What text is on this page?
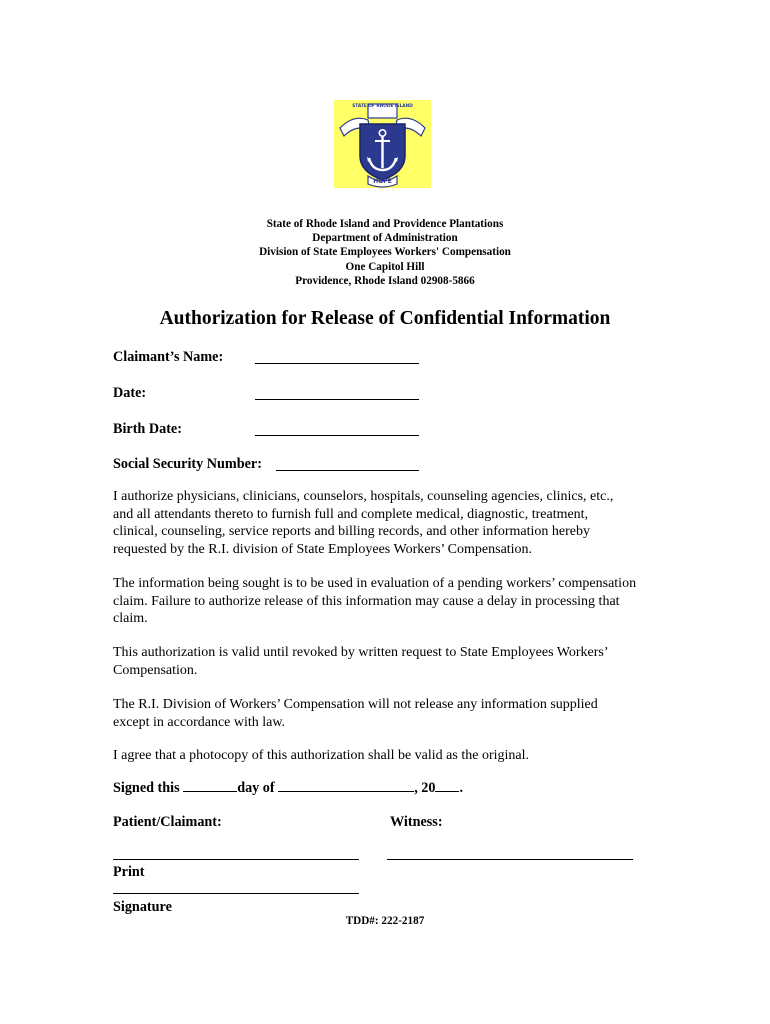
STATE OF RHODE ISLAND
HOPE
State of Rhode Island and Providence Plantations
Department of Administration
Division of State Employees Workers' Compensation
One Capitol Hill
Providence, Rhode Island 02908-5866
Authorization for Release of Confidential Information
Claimant’s Name:
Date:
Birth Date:
Social Security Number:
I authorize physicians, clinicians, counselors, hospitals, counseling agencies, clinics, etc.,
and all attendants thereto to furnish full and complete medical, diagnostic, treatment,
clinical, counseling, service reports and billing records, and other information hereby
requested by the R.I. division of State Employees Workers’ Compensation.
The information being sought is to be used in evaluation of a pending workers’ compensation
claim. Failure to authorize release of this information may cause a delay in processing that
claim.
This authorization is valid until revoked by written request to State Employees Workers’
Compensation.
The R.I. Division of Workers’ Compensation will not release any information supplied
except in accordance with law.
I agree that a photocopy of this authorization shall be valid as the original.
Signed this	day of	, 20 .
Patient/Claimant:	Witness:
Print
Signature
TDD#: 222-2187
